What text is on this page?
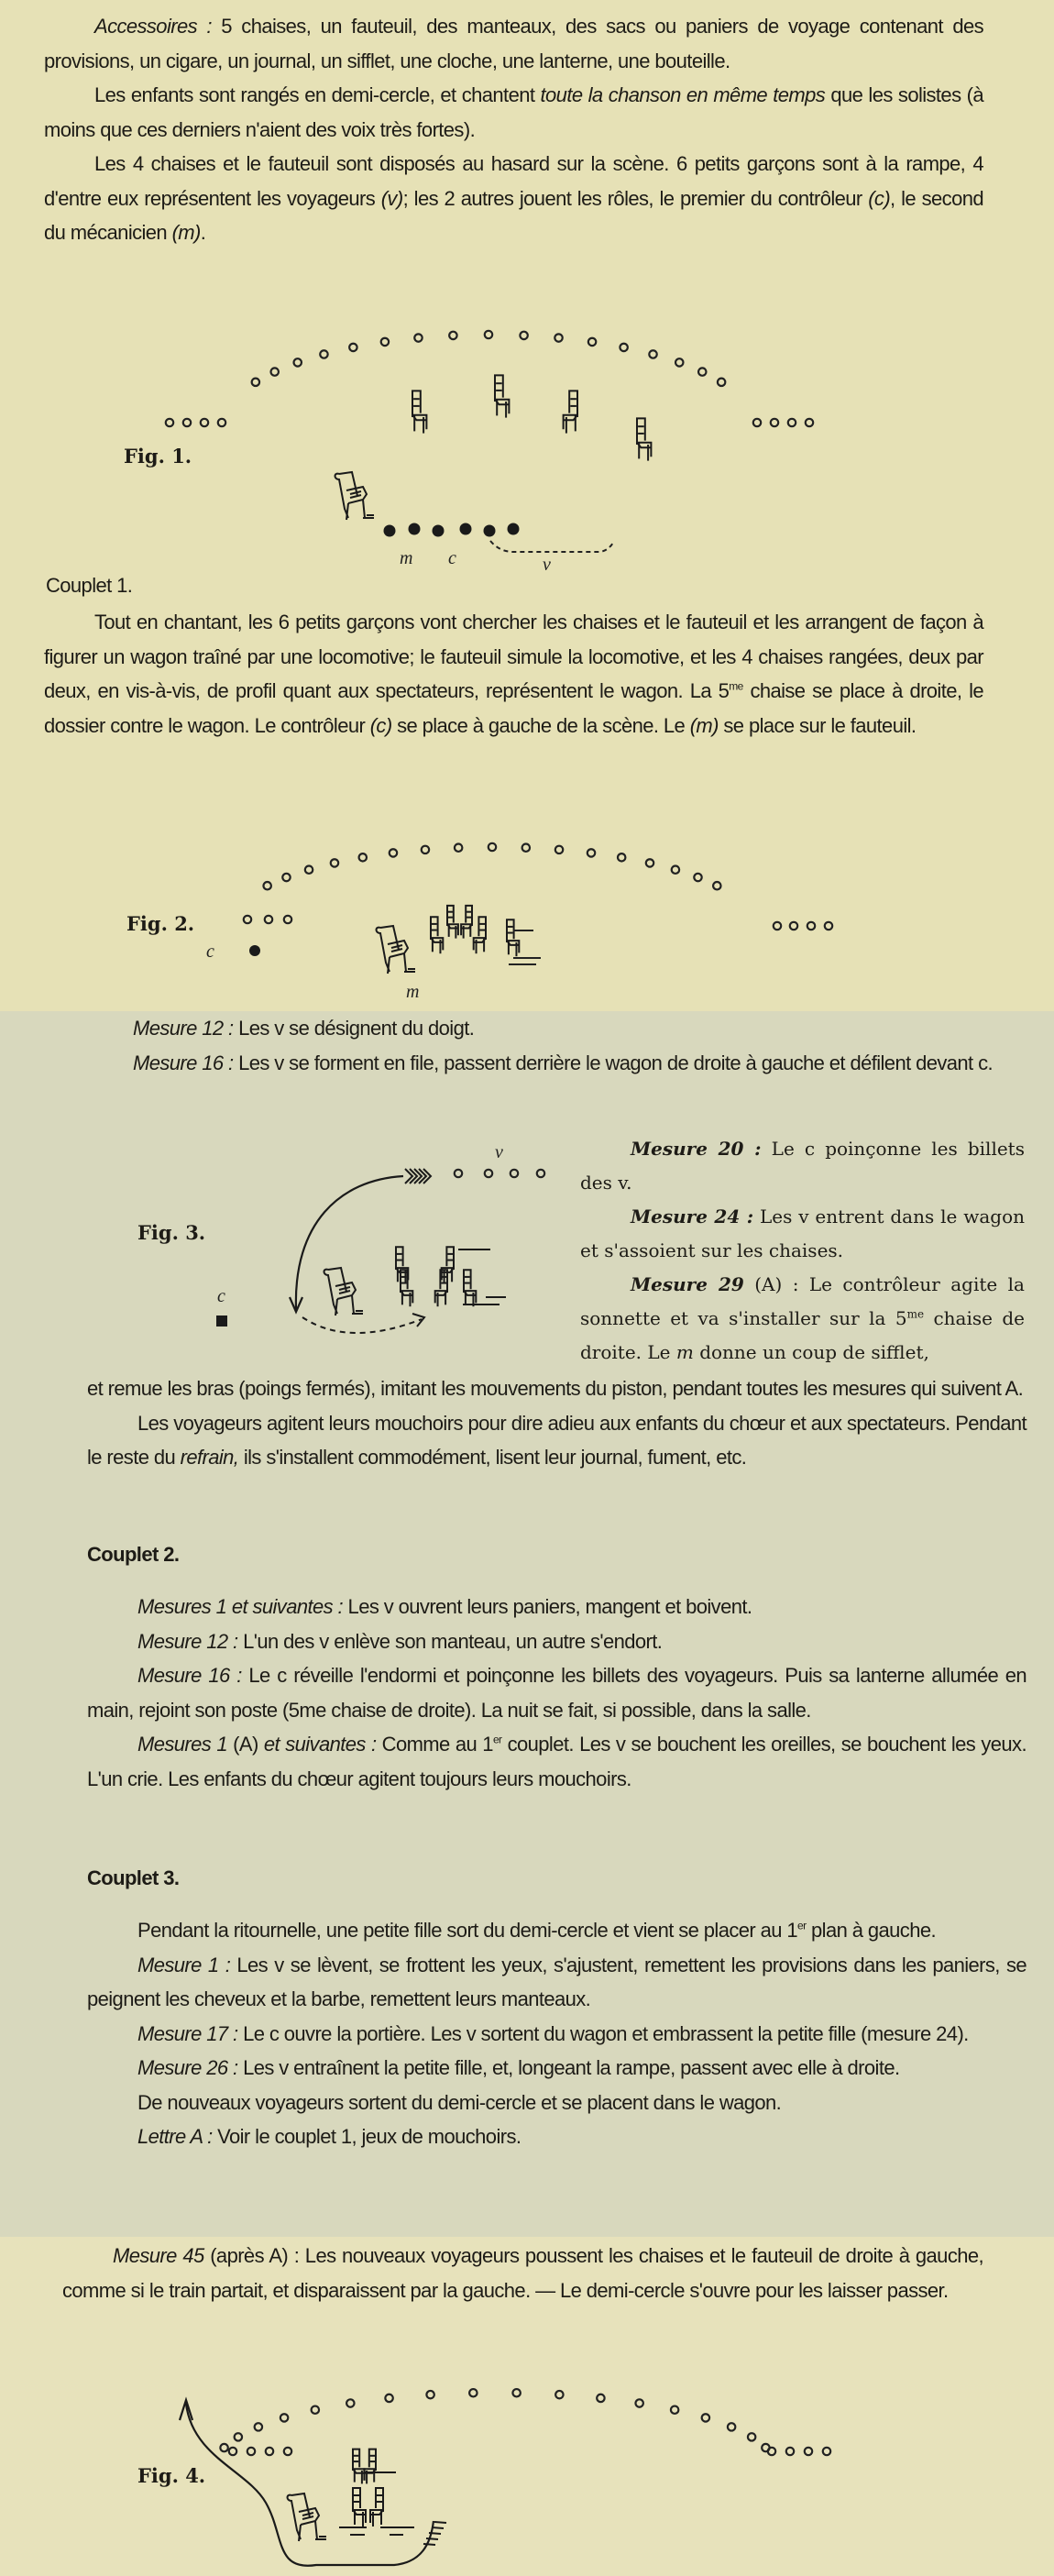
Accessoires : 5 chaises, un fauteuil, des manteaux, des sacs ou paniers de voyage contenant des provisions, un cigare, un journal, un sifflet, une cloche, une lanterne, une bouteille.

Les enfants sont rangés en demi-cercle, et chantent toute la chanson en même temps que les solistes (à moins que ces derniers n'aient des voix très fortes).

Les 4 chaises et le fauteuil sont disposés au hasard sur la scène. 6 petits garçons sont à la rampe, 4 d'entre eux représentent les voyageurs (v); les 2 autres jouent les rôles, le premier du contrôleur (c), le second du mécanicien (m).

Fig. 1.
m c	v
Couplet 1.

Tout en chantant, les 6 petits garçons vont chercher les chaises et le fauteuil et les arrangent de façon à figurer un wagon traîné par une locomotive; le fauteuil simule la locomotive, et les 4 chaises rangées, deux par deux, en vis-à-vis, de profil quant aux spectateurs, représentent le wagon. La $5^{me}$ chaise se place à droite, le dossier contre le wagon. Le contrôleur (c) se place à gauche de la scène. Le (m) se place sur le fauteuil.

Fig. 2.
c
m

Mesure 12 : Les v se désignent du doigt.

Mesure 16 : Les v se forment en file, passent derrière le wagon de droite à gauche et défilent devant c.

Fig. 3.
v
c

Mesure 20 : Le c poinçonne les billets des v.

Mesure 24 : Les v entrent dans le wagon et s'assoient sur les chaises.

Mesure 29 (A) : Le contrôleur agite la sonnette et va s'installer sur la $5^{me}$ chaise de droite. Le m donne un coup de sifflet,

et remue les bras (poings fermés), imitant les mouvements du piston, pendant toutes les mesures qui suivent A.

Les voyageurs agitent leurs mouchoirs pour dire adieu aux enfants du chœur et aux spectateurs. Pendant le reste du refrain, ils s'installent commodément, lisent leur journal, fument, etc.

Couplet 2.

Mesures 1 et suivantes : Les v ouvrent leurs paniers, mangent et boivent.

Mesure 12 : L'un des v enlève son manteau, un autre s'endort.

Mesure 16 : Le c réveille l'endormi et poinçonne les billets des voyageurs. Puis sa lanterne allumée en main, rejoint son poste (5me chaise de droite). La nuit se fait, si possible, dans la salle.

Mesures 1 (A) et suivantes : Comme au 1er couplet. Les v se bouchent les oreilles, se bouchent les yeux. L'un crie. Les enfants du chœur agitent toujours leurs mouchoirs.

Couplet 3.

Pendant la ritournelle, une petite fille sort du demi-cercle et vient se placer au 1er plan à gauche.

Mesure 1 : Les v se lèvent, se frottent les yeux, s'ajustent, remettent les provisions dans les paniers, se peignent les cheveux et la barbe, remettent leurs manteaux.

Mesure 17 : Le c ouvre la portière. Les v sortent du wagon et embrassent la petite fille (mesure 24).

Mesure 26 : Les v entraînent la petite fille, et, longeant la rampe, passent avec elle à droite.

De nouveaux voyageurs sortent du demi-cercle et se placent dans le wagon.

Lettre A : Voir le couplet 1, jeux de mouchoirs.

Mesure 45 (après A) : Les nouveaux voyageurs poussent les chaises et le fauteuil de droite à gauche, comme si le train partait, et disparaissent par la gauche. — Le demi-cercle s'ouvre pour les laisser passer.

Fig. 4.
